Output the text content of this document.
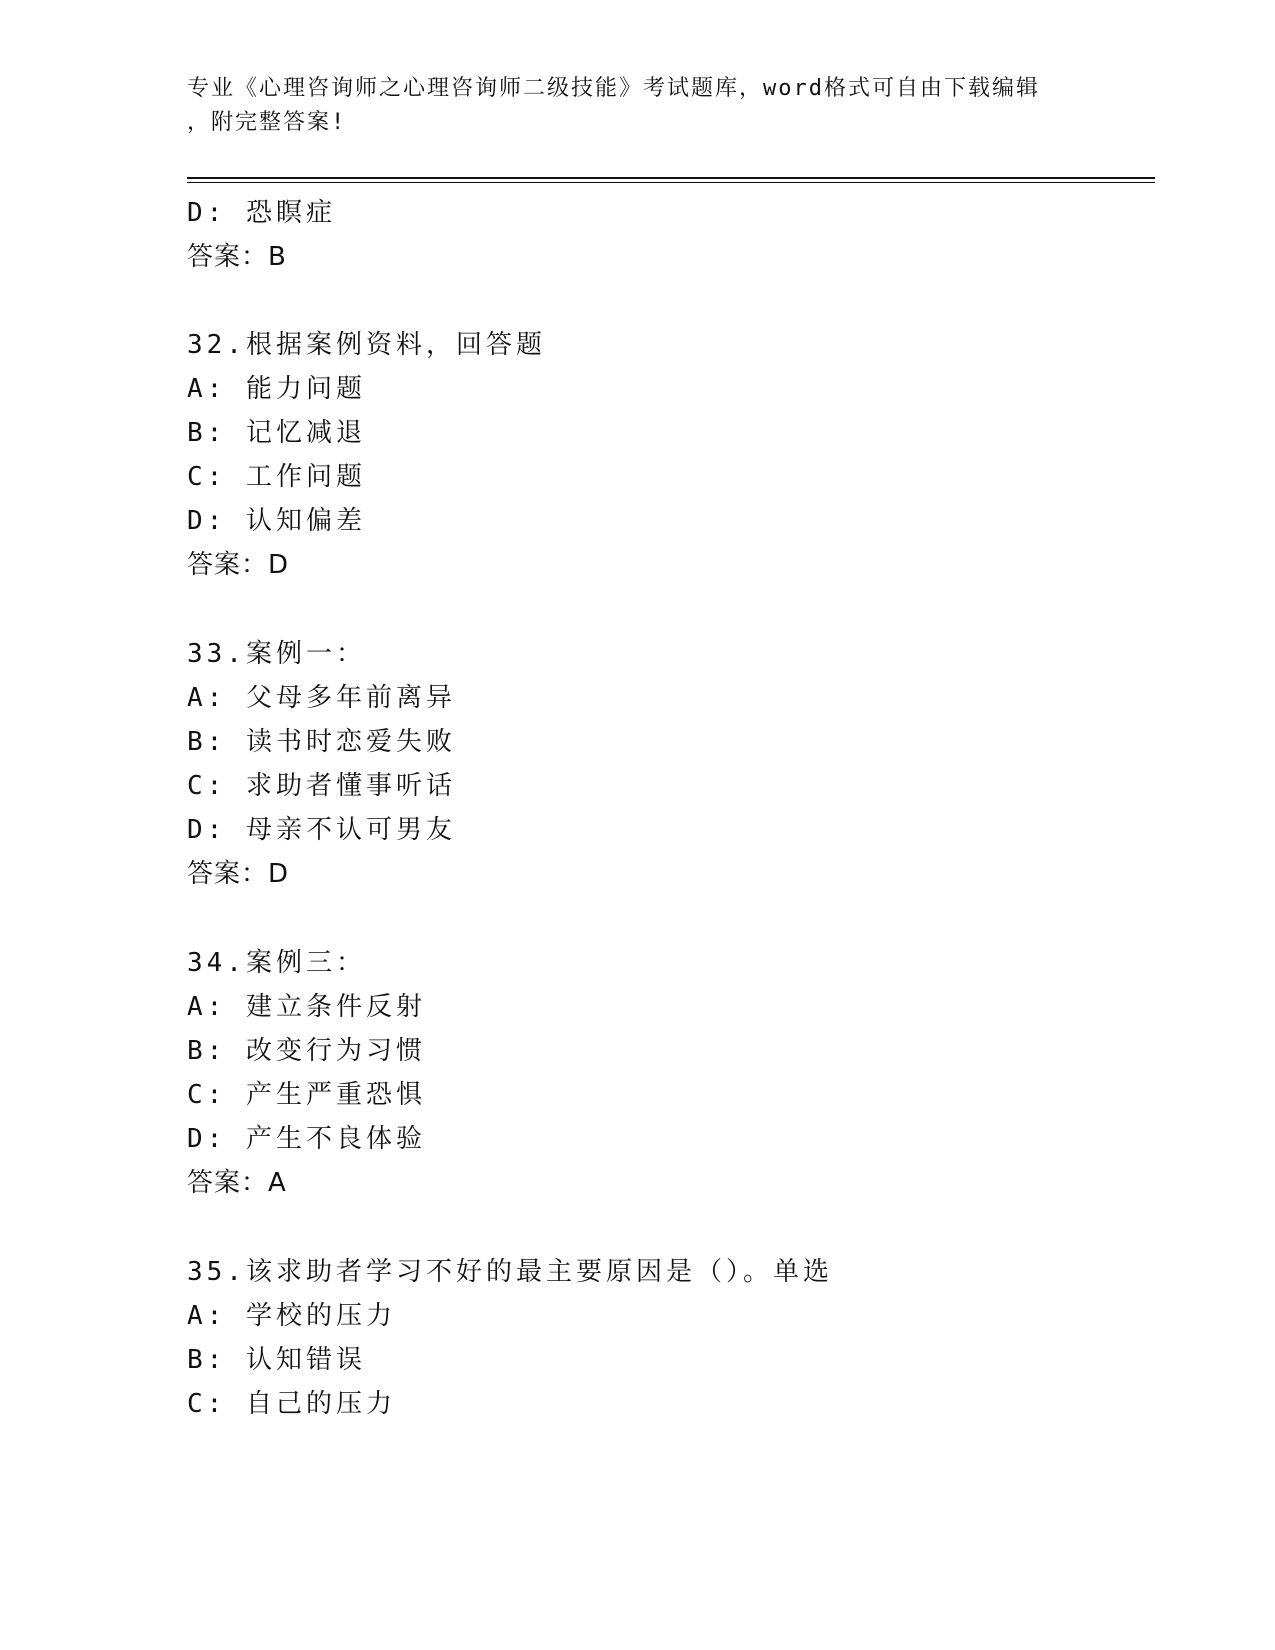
专业《心理咨询师之心理咨询师二级技能》考试题库，word格式可自由下载编辑
，附完整答案!
D: 恐瞑症
答案：B
32.根据案例资料，回答题
A: 能力问题
B: 记忆减退
C: 工作问题
D: 认知偏差
答案：D
33.案例一：
A: 父母多年前离异
B: 读书时恋爱失败
C: 求助者懂事听话
D: 母亲不认可男友
答案：D
34.案例三：
A: 建立条件反射
B: 改变行为习惯
C: 产生严重恐惧
D: 产生不良体验
答案：A
35.该求助者学习不好的最主要原因是（）。单选
A: 学校的压力
B: 认知错误
C: 自己的压力
